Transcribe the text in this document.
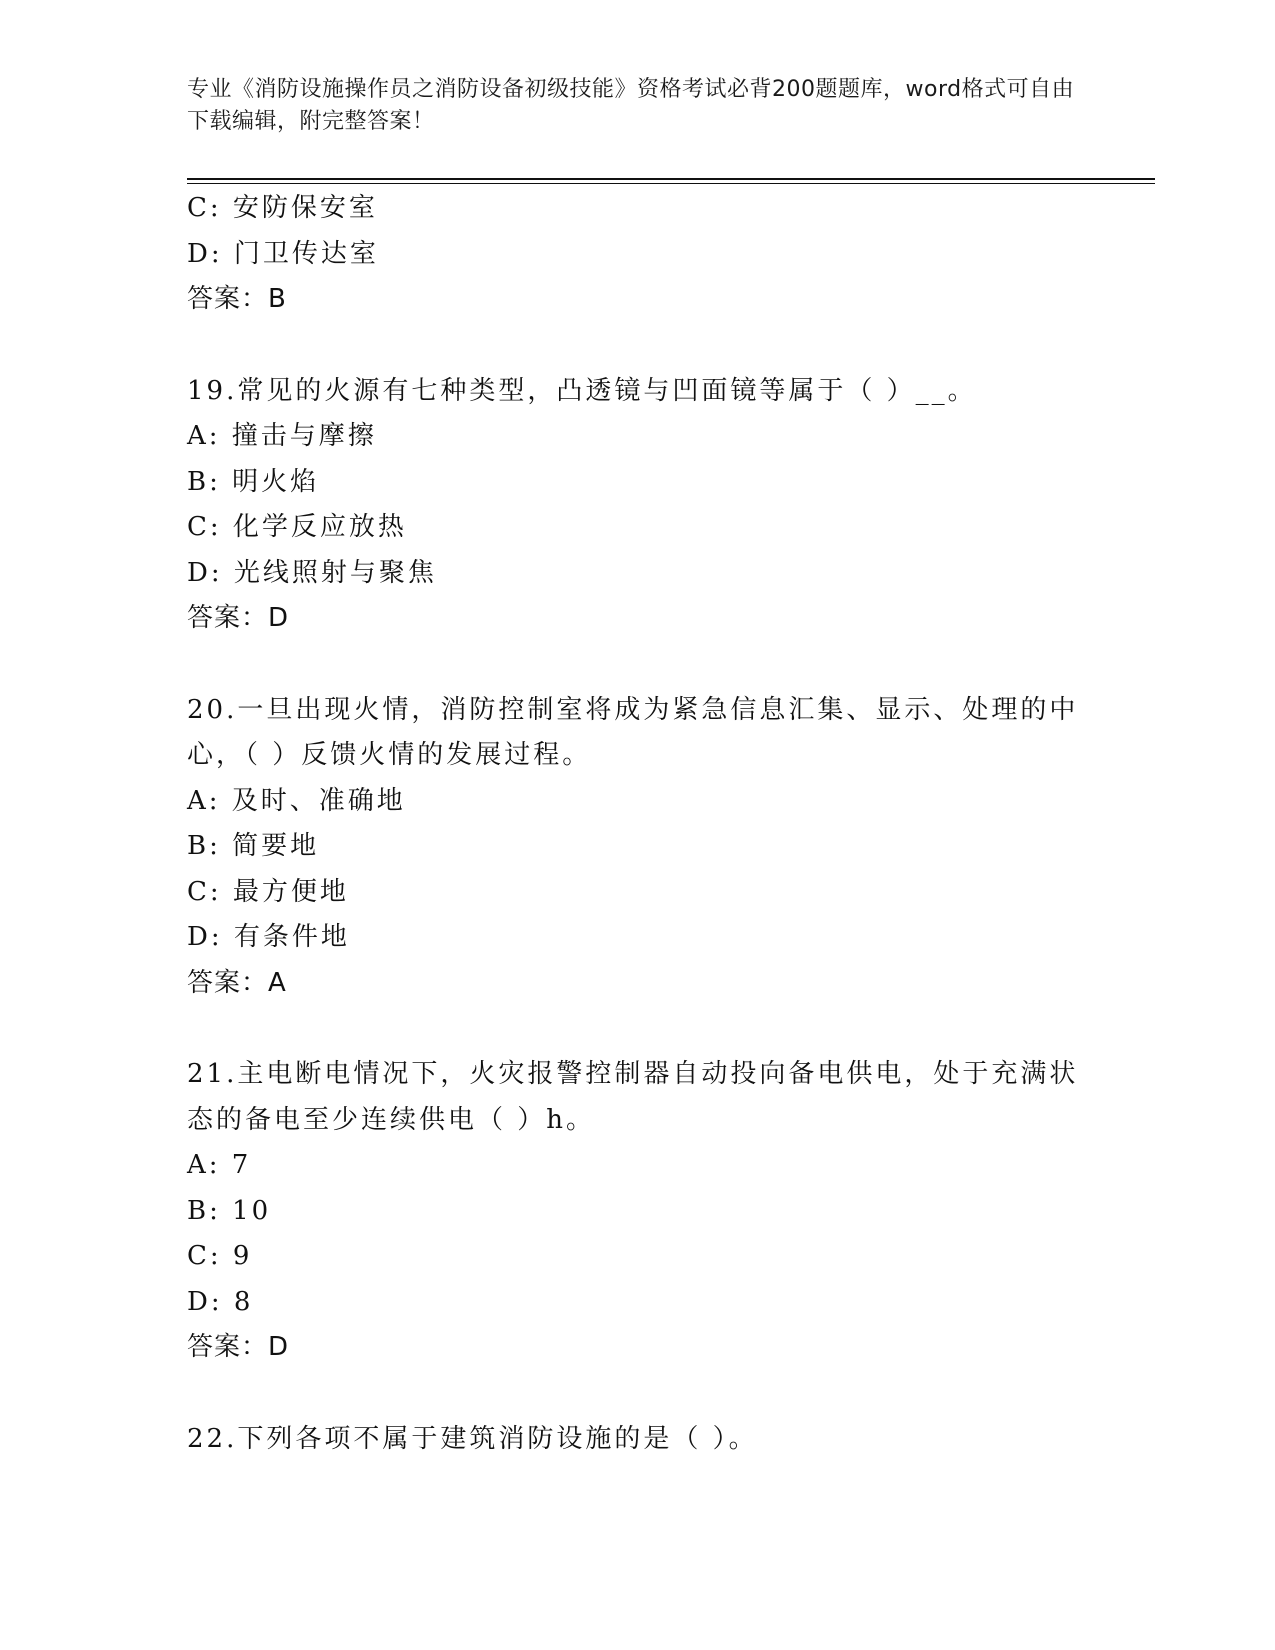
专业《消防设施操作员之消防设备初级技能》资格考试必背200题题库，word格式可自由下载编辑，附完整答案！
C: 安防保安室
D: 门卫传达室
答案：B
19.常见的火源有七种类型，凸透镜与凹面镜等属于（ ）__。
A: 撞击与摩擦
B: 明火焰
C: 化学反应放热
D: 光线照射与聚焦
答案：D
20.一旦出现火情，消防控制室将成为紧急信息汇集、显示、处理的中
心，（ ）反馈火情的发展过程。
A: 及时、准确地
B: 简要地
C: 最方便地
D: 有条件地
答案：A
21.主电断电情况下，火灾报警控制器自动投向备电供电，处于充满状
态的备电至少连续供电（ ）h。
A: 7
B: 10
C: 9
D: 8
答案：D
22.下列各项不属于建筑消防设施的是（ ）。
